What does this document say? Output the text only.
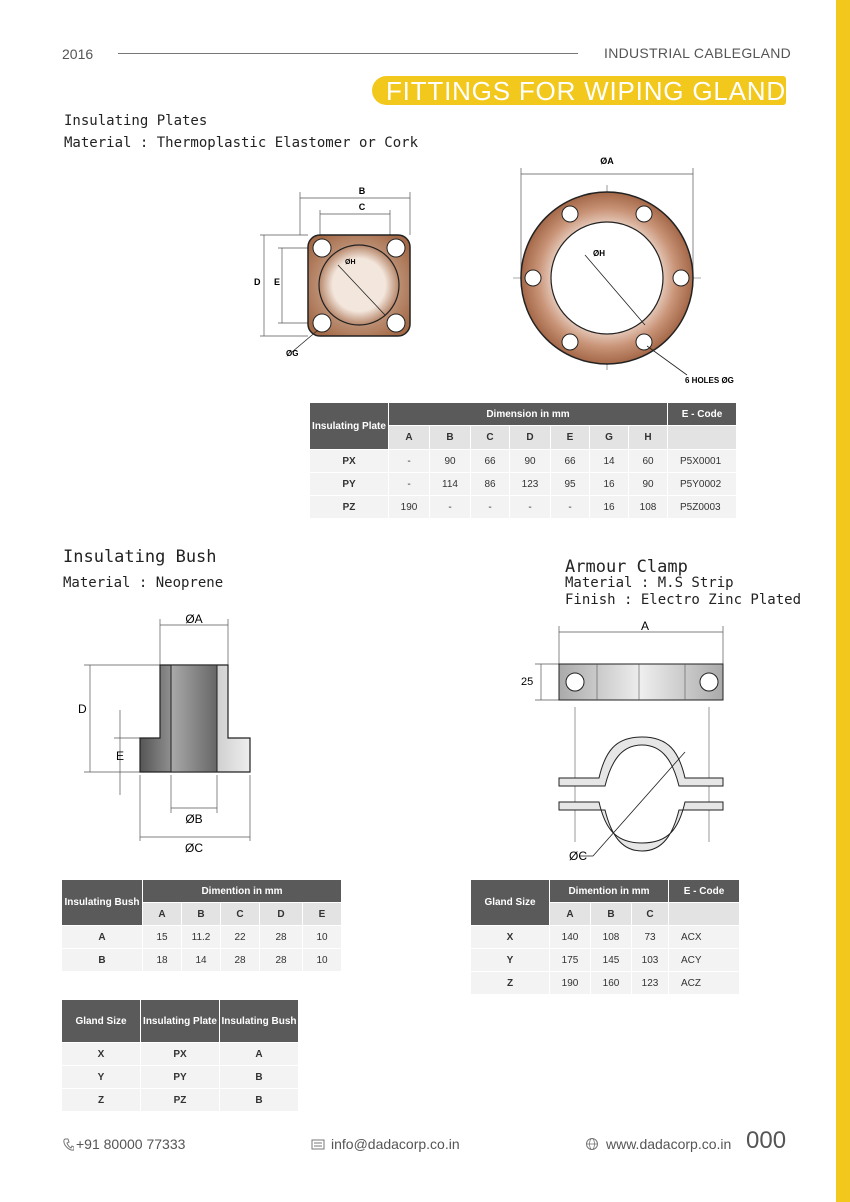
2016	INDUSTRIAL CABLEGLAND
FITTINGS FOR WIPING GLANDS
Insulating Plates
Material : Thermoplastic Elastomer or Cork
B
C
D E
ØH
ØG
ØA
ØH
6 HOLES ØG
Insulating Plate	Dimension in mm							E - Code
	A	B	C	D	E	G	H	
PX	-	90	66	90	66	14	60	P5X0001
PY	-	114	86	123	95	16	90	P5Y0002
PZ	190	-	-	-	-	16	108	P5Z0003
Insulating Bush
Material : Neoprene
ØA
D
E
ØB
ØC
Insulating Bush	Dimention in mm				
	A	B	C	D	E
A	15	11.2	22	28	10
B	18	14	28	28	10
Gland Size	Insulating Plate	Insulating Bush
X	PX	A
Y	PY	B
Z	PZ	B
Armour Clamp
Material : M.S Strip
Finish : Electro Zinc Plated
A
25
ØC
Gland Size	Dimention in mm			E - Code
	A	B	C	
X	140	108	73	ACX
Y	175	145	103	ACY
Z	190	160	123	ACZ
+91 80000 77333	info@dadacorp.co.in	www.dadacorp.co.in 000
